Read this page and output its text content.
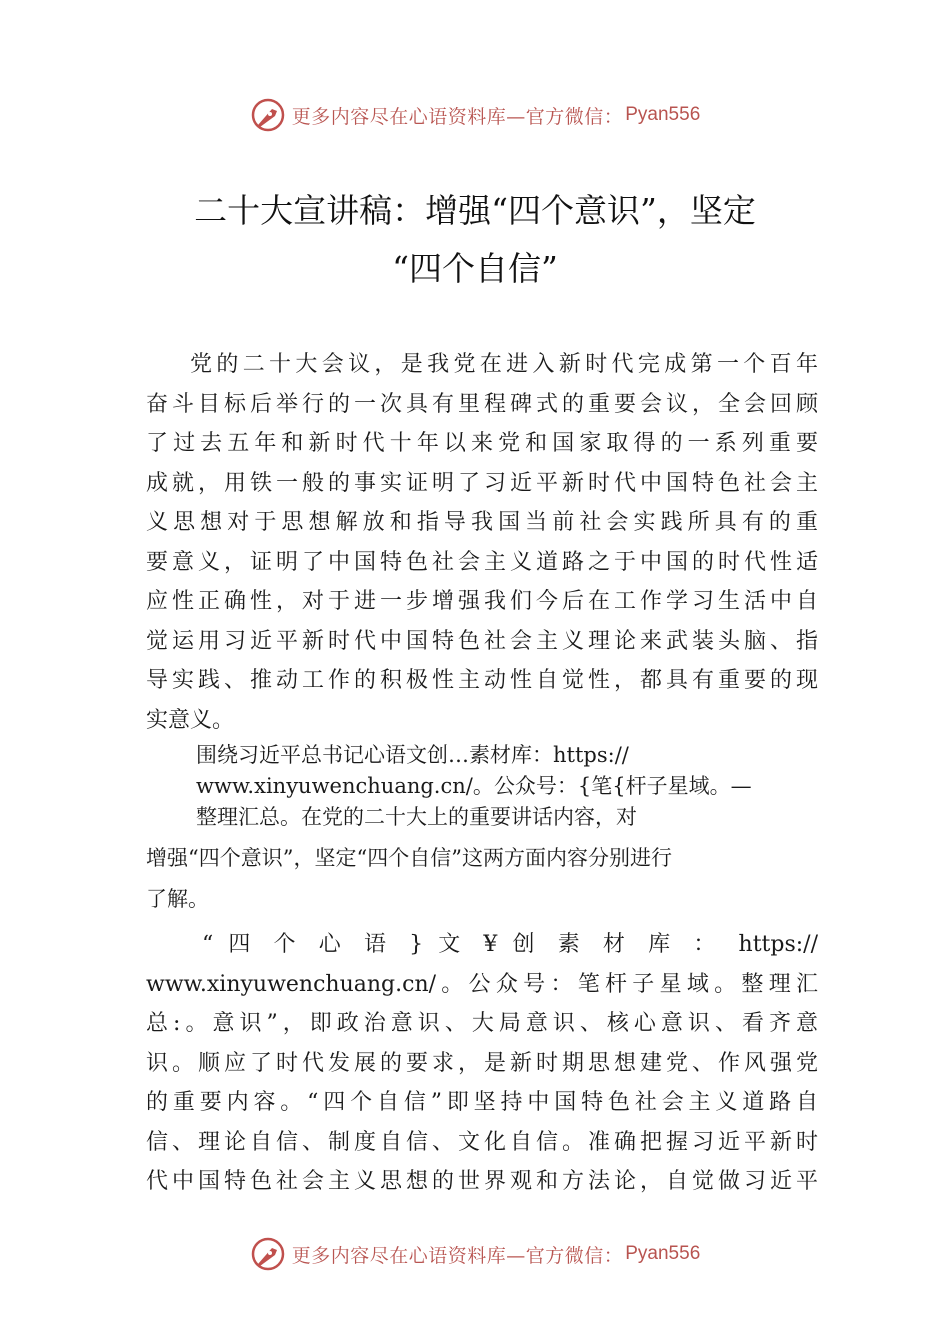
更多内容尽在心语资料库—官方微信： Pyan556
二十大宣讲稿：增强“四个意识”，坚定
“四个自信”
党的二十大会议，是我党在进入新时代完成第一个百年
奋斗目标后举行的一次具有里程碑式的重要会议，全会回顾
了过去五年和新时代十年以来党和国家取得的一系列重要
成就，用铁一般的事实证明了习近平新时代中国特色社会主
义思想对于思想解放和指导我国当前社会实践所具有的重
要意义，证明了中国特色社会主义道路之于中国的时代性适
应性正确性，对于进一步增强我们今后在工作学习生活中自
觉运用习近平新时代中国特色社会主义理论来武装头脑、指
导实践、推动工作的积极性主动性自觉性，都具有重要的现
实意义。
围绕习近平总书记心语文创…素材库：https://
www.xinyuwenchuang.cn/。公众号：{笔{杆子星域。—
整理汇总。在党的二十大上的重要讲话内容，对
增强“四个意识”，坚定“四个自信”这两方面内容分别进行
了解。
“ 四 个 心 语 } 文 ¥ 创 素 材 库 ： https://
www.xinyuwenchuang.cn/。公众号：笔杆子星域。整理汇
总:。意识”，即政治意识、大局意识、核心意识、看齐意
识。顺应了时代发展的要求，是新时期思想建党、作风强党
的重要内容。“四个自信”即坚持中国特色社会主义道路自
信、理论自信、制度自信、文化自信。准确把握习近平新时
代中国特色社会主义思想的世界观和方法论，自觉做习近平
更多内容尽在心语资料库—官方微信： Pyan556
